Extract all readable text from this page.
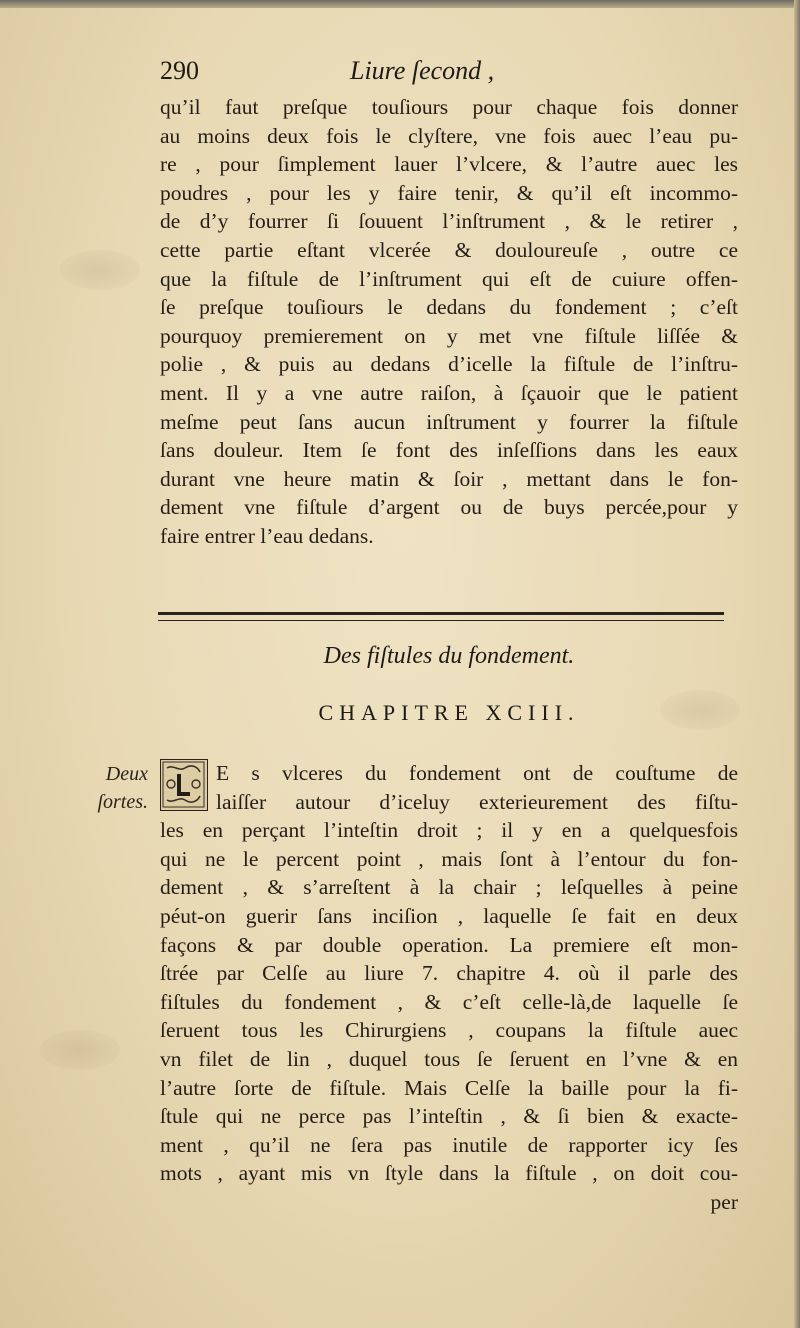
290	Liure ſecond ,
qu’il faut preſque touſiours pour chaque fois donner
au moins deux fois le clyſtere, vne fois auec l’eau pu-
re , pour ſimplement lauer l’vlcere, & l’autre auec les
poudres , pour les y faire tenir, & qu’il eſt incommo-
de d’y fourrer ſi ſouuent l’inſtrument , & le retirer ,
cette partie eſtant vlcerée & douloureuſe , outre ce
que la fiſtule de l’inſtrument qui eſt de cuiure offen-
ſe preſque touſiours le dedans du fondement ; c’eſt
pourquoy premierement on y met vne fiſtule liſſée &
polie , & puis au dedans d’icelle la fiſtule de l’inſtru-
ment. Il y a vne autre raiſon, à ſçauoir que le patient
meſme peut ſans aucun inſtrument y fourrer la fiſtule
ſans douleur. Item ſe font des inſeſſions dans les eaux
durant vne heure matin & ſoir , mettant dans le fon-
dement vne fiſtule d’argent ou de buys percée,pour y
faire entrer l’eau dedans.
Des fiſtules du fondement.
CHAPITRE XCIII.
Deux
ſortes.
E s vlceres du fondement ont de couſtume de
laiſſer autour d’iceluy exterieurement des fiſtu-
les en perçant l’inteſtin droit ; il y en a quelquesfois
qui ne le percent point , mais ſont à l’entour du fon-
dement , & s’arreſtent à la chair ; leſquelles à peine
péut-on guerir ſans inciſion , laquelle ſe fait en deux
façons & par double operation. La premiere eſt mon-
ſtrée par Celſe au liure 7. chapitre 4. où il parle des
fiſtules du fondement , & c’eſt celle-là,de laquelle ſe
ſeruent tous les Chirurgiens , coupans la fiſtule auec
vn filet de lin , duquel tous ſe ſeruent en l’vne & en
l’autre ſorte de fiſtule. Mais Celſe la baille pour la fi-
ſtule qui ne perce pas l’inteſtin , & ſi bien & exacte-
ment , qu’il ne ſera pas inutile de rapporter icy ſes
mots , ayant mis vn ſtyle dans la fiſtule , on doit cou-
per
